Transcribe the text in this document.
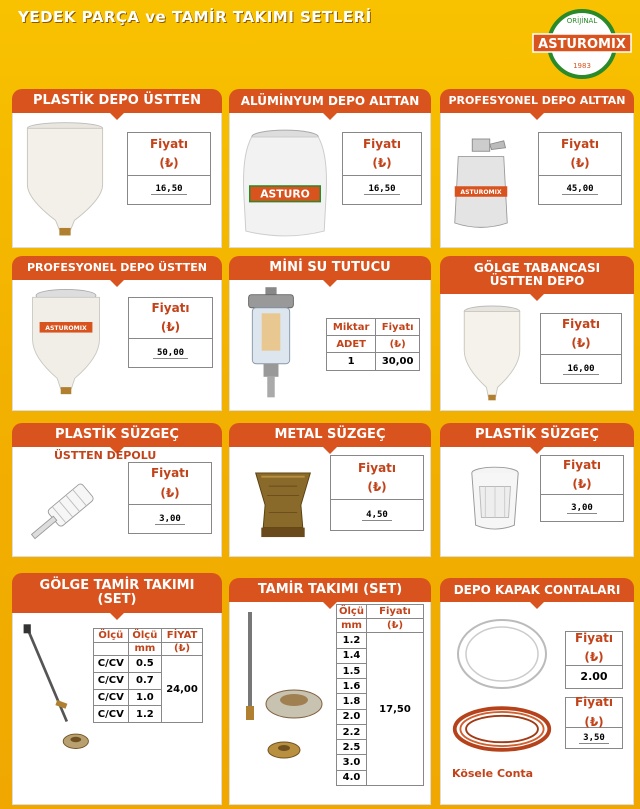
YEDEK PARÇA ve TAMİR TAKIMI SETLERİ	ORİJİNAL
ASTUROMIX
1983
PLASTİK DEPO ÜSTTEN
Fiyatı
(₺)
16,50
ALÜMİNYUM DEPO ALTTAN
ASTURO
Fiyatı
(₺)
16,50
PROFESYONEL DEPO ALTTAN
ASTUROMIX
Fiyatı
(₺)
45,00
PROFESYONEL DEPO ÜSTTEN
ASTUROMIX
Fiyatı
(₺)
50,00
MİNİ SU TUTUCU
Miktar	Fiyatı
ADET	(₺)
1	30,00
GÖLGE TABANCASI
ÜSTTEN DEPO
Fiyatı
(₺)
16,00
PLASTİK SÜZGEÇ
ÜSTTEN DEPOLU
Fiyatı
(₺)
3,00
METAL SÜZGEÇ
Fiyatı
(₺)
4,50
PLASTİK SÜZGEÇ
Fiyatı
(₺)
3,00
GÖLGE TAMİR TAKIMI
(SET)
Ölçü	Ölçü	FİYAT
	mm	(₺)
C/CV	0.5	24,00
C/CV	0.7	
C/CV	1.0	
C/CV	1.2	
TAMİR TAKIMI (SET)
Ölçü	Fiyatı
mm	(₺)
1.2	17,50
1.4	
1.5	
1.6	
1.8	
2.0	
2.2	
2.5	
3.0	
4.0	
DEPO KAPAK CONTALARI
Fiyatı
(₺)
2.00
Fiyatı
(₺)
3,50
Kösele Conta
